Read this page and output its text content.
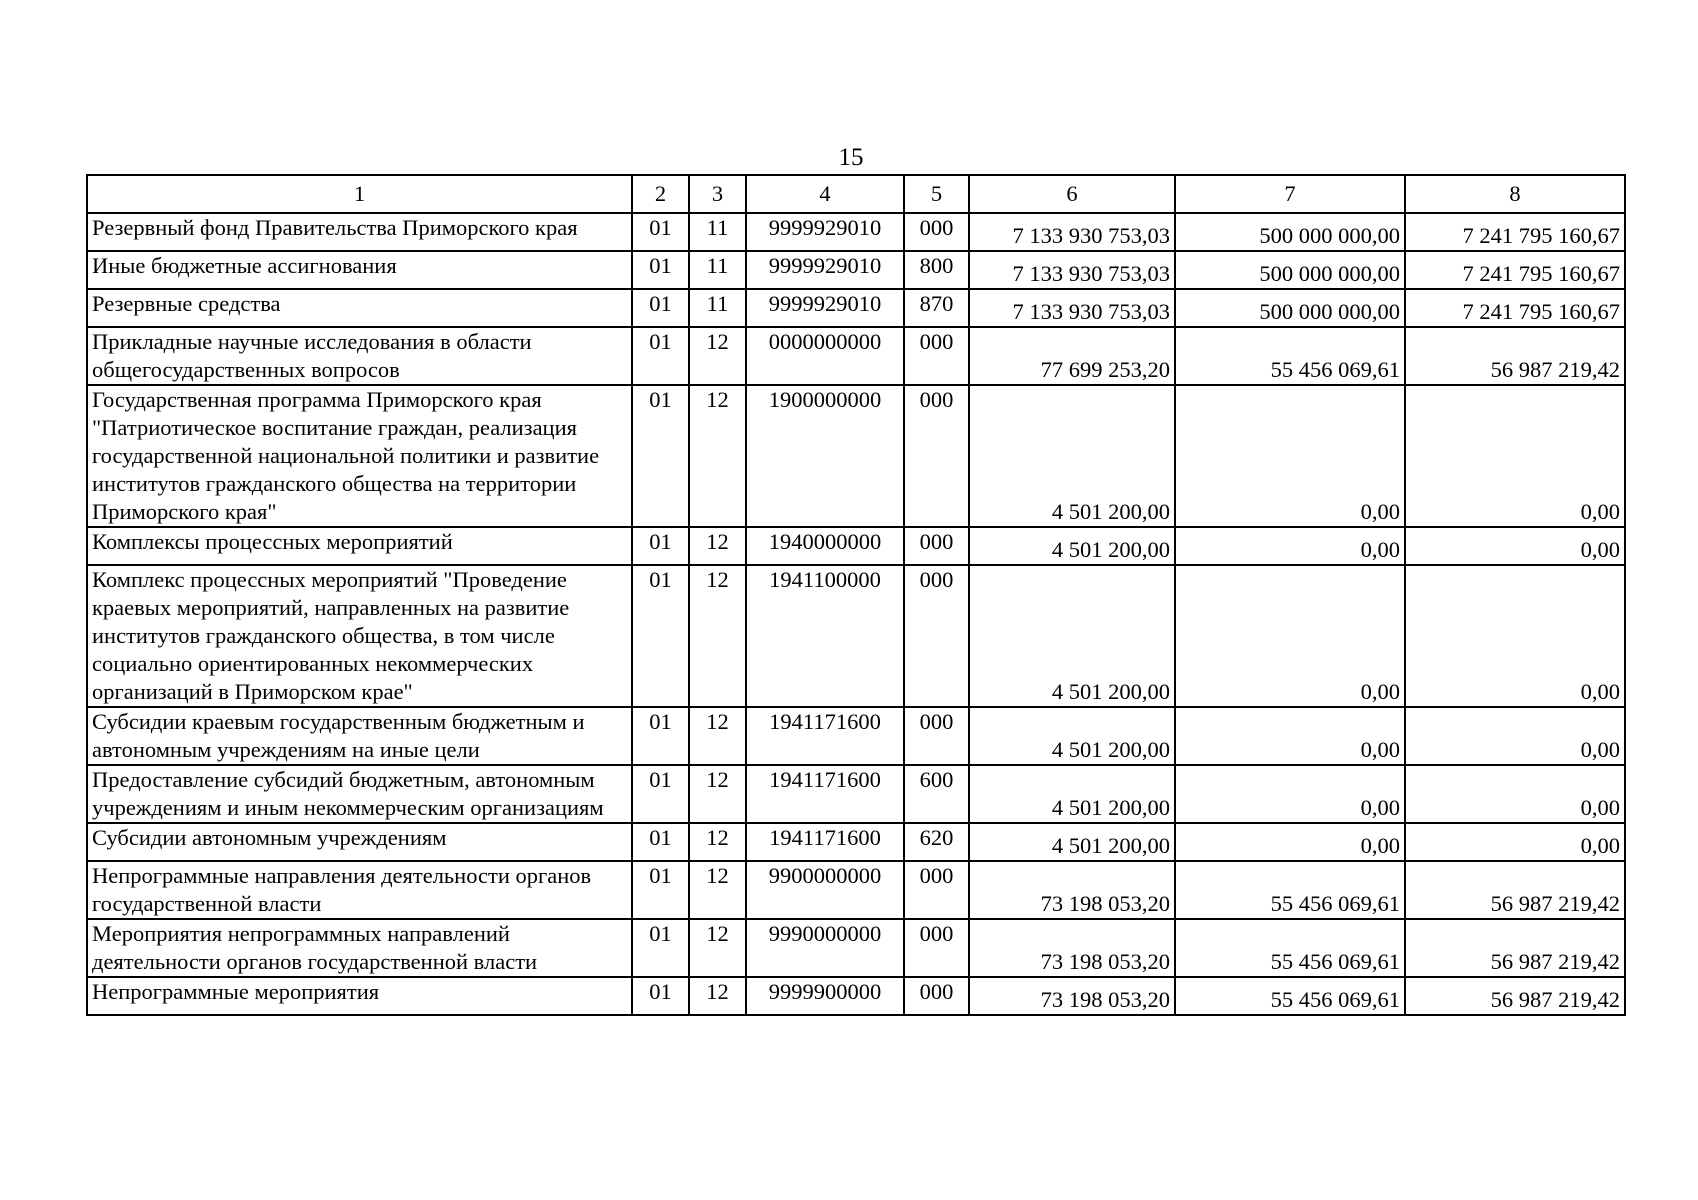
15
1	2	3	4	5	6	7	8
Резервный фонд Правительства Приморского края	01	11	9999929010	000	7 133 930 753,03	500 000 000,00	7 241 795 160,67
Иные бюджетные ассигнования	01	11	9999929010	800	7 133 930 753,03	500 000 000,00	7 241 795 160,67
Резервные средства	01	11	9999929010	870	7 133 930 753,03	500 000 000,00	7 241 795 160,67
Прикладные научные исследования в области общегосударственных вопросов	01	12	0000000000	000	77 699 253,20	55 456 069,61	56 987 219,42
Государственная программа Приморского края "Патриотическое воспитание граждан, реализация государственной национальной политики и развитие институтов гражданского общества на территории Приморского края"	01	12	1900000000	000	4 501 200,00	0,00	0,00
Комплексы процессных мероприятий	01	12	1940000000	000	4 501 200,00	0,00	0,00
Комплекс процессных мероприятий "Проведение краевых мероприятий, направленных на развитие институтов гражданского общества, в том числе социально ориентированных некоммерческих организаций в Приморском крае"	01	12	1941100000	000	4 501 200,00	0,00	0,00
Субсидии краевым государственным бюджетным и автономным учреждениям на иные цели	01	12	1941171600	000	4 501 200,00	0,00	0,00
Предоставление субсидий бюджетным, автономным учреждениям и иным некоммерческим организациям	01	12	1941171600	600	4 501 200,00	0,00	0,00
Субсидии автономным учреждениям	01	12	1941171600	620	4 501 200,00	0,00	0,00
Непрограммные направления деятельности органов государственной власти	01	12	9900000000	000	73 198 053,20	55 456 069,61	56 987 219,42
Мероприятия непрограммных направлений деятельности органов государственной власти	01	12	9990000000	000	73 198 053,20	55 456 069,61	56 987 219,42
Непрограммные мероприятия	01	12	9999900000	000	73 198 053,20	55 456 069,61	56 987 219,42
